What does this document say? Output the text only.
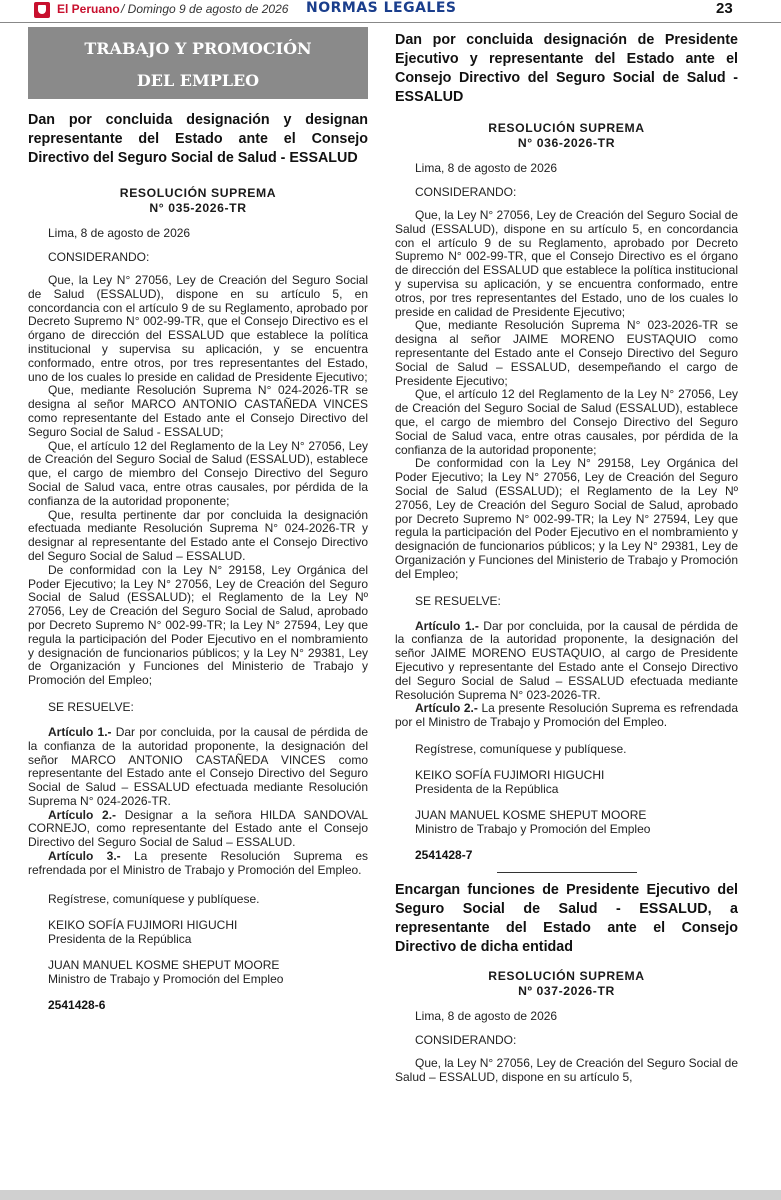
El Peruano / Domingo 9 de agosto de 2026 NORMAS LEGALES	23
TRABAJO Y PROMOCIÓN
DEL EMPLEO

Dan por concluida designación y designan representante del Estado ante el Consejo Directivo del Seguro Social de Salud - ESSALUD

RESOLUCIÓN SUPREMA

N° 035-2026-TR

Lima, 8 de agosto de 2026

CONSIDERANDO:

Que, la Ley N° 27056, Ley de Creación del Seguro Social de Salud (ESSALUD), dispone en su artículo 5, en concordancia con el artículo 9 de su Reglamento, aprobado por Decreto Supremo N° 002-99-TR, que el Consejo Directivo es el órgano de dirección del ESSALUD que establece la política institucional y supervisa su aplicación, y se encuentra conformado, entre otros, por tres representantes del Estado, uno de los cuales lo preside en calidad de Presidente Ejecutivo;

Que, mediante Resolución Suprema N° 024-2026-TR se designa al señor MARCO ANTONIO CASTAÑEDA VINCES como representante del Estado ante el Consejo Directivo del Seguro Social de Salud - ESSALUD;

Que, el artículo 12 del Reglamento de la Ley N° 27056, Ley de Creación del Seguro Social de Salud (ESSALUD), establece que, el cargo de miembro del Consejo Directivo del Seguro Social de Salud vaca, entre otras causales, por pérdida de la confianza de la autoridad proponente;

Que, resulta pertinente dar por concluida la designación efectuada mediante Resolución Suprema N° 024-2026-TR y designar al representante del Estado ante el Consejo Directivo del Seguro Social de Salud – ESSALUD.

De conformidad con la Ley N° 29158, Ley Orgánica del Poder Ejecutivo; la Ley N° 27056, Ley de Creación del Seguro Social de Salud (ESSALUD); el Reglamento de la Ley Nº 27056, Ley de Creación del Seguro Social de Salud, aprobado por Decreto Supremo N° 002-99-TR; la Ley N° 27594, Ley que regula la participación del Poder Ejecutivo en el nombramiento y designación de funcionarios públicos; y la Ley N° 29381, Ley de Organización y Funciones del Ministerio de Trabajo y Promoción del Empleo;

SE RESUELVE:

Artículo 1.- Dar por concluida, por la causal de pérdida de la confianza de la autoridad proponente, la designación del señor MARCO ANTONIO CASTAÑEDA VINCES como representante del Estado ante el Consejo Directivo del Seguro Social de Salud – ESSALUD efectuada mediante Resolución Suprema N° 024-2026-TR.

Artículo 2.- Designar a la señora HILDA SANDOVAL CORNEJO, como representante del Estado ante el Consejo Directivo del Seguro Social de Salud – ESSALUD.

Artículo 3.- La presente Resolución Suprema es refrendada por el Ministro de Trabajo y Promoción del Empleo.

Regístrese, comuníquese y publíquese.

KEIKO SOFÍA FUJIMORI HIGUCHI

Presidenta de la República

JUAN MANUEL KOSME SHEPUT MOORE

Ministro de Trabajo y Promoción del Empleo

2541428-6

Dan por concluida designación de Presidente Ejecutivo y representante del Estado ante el Consejo Directivo del Seguro Social de Salud - ESSALUD

RESOLUCIÓN SUPREMA

N° 036-2026-TR

Lima, 8 de agosto de 2026

CONSIDERANDO:

Que, la Ley N° 27056, Ley de Creación del Seguro Social de Salud (ESSALUD), dispone en su artículo 5, en concordancia con el artículo 9 de su Reglamento, aprobado por Decreto Supremo N° 002-99-TR, que el Consejo Directivo es el órgano de dirección del ESSALUD que establece la política institucional y supervisa su aplicación, y se encuentra conformado, entre otros, por tres representantes del Estado, uno de los cuales lo preside en calidad de Presidente Ejecutivo;

Que, mediante Resolución Suprema N° 023-2026-TR se designa al señor JAIME MORENO EUSTAQUIO como representante del Estado ante el Consejo Directivo del Seguro Social de Salud – ESSALUD, desempeñando el cargo de Presidente Ejecutivo;

Que, el artículo 12 del Reglamento de la Ley N° 27056, Ley de Creación del Seguro Social de Salud (ESSALUD), establece que, el cargo de miembro del Consejo Directivo del Seguro Social de Salud vaca, entre otras causales, por pérdida de la confianza de la autoridad proponente;

De conformidad con la Ley N° 29158, Ley Orgánica del Poder Ejecutivo; la Ley N° 27056, Ley de Creación del Seguro Social de Salud (ESSALUD); el Reglamento de la Ley Nº 27056, Ley de Creación del Seguro Social de Salud, aprobado por Decreto Supremo N° 002-99-TR; la Ley N° 27594, Ley que regula la participación del Poder Ejecutivo en el nombramiento y designación de funcionarios públicos; y la Ley N° 29381, Ley de Organización y Funciones del Ministerio de Trabajo y Promoción del Empleo;

SE RESUELVE:

Artículo 1.- Dar por concluida, por la causal de pérdida de la confianza de la autoridad proponente, la designación del señor JAIME MORENO EUSTAQUIO, al cargo de Presidente Ejecutivo y representante del Estado ante el Consejo Directivo del Seguro Social de Salud – ESSALUD efectuada mediante Resolución Suprema N° 023-2026-TR.

Artículo 2.- La presente Resolución Suprema es refrendada por el Ministro de Trabajo y Promoción del Empleo.

Regístrese, comuníquese y publíquese.

KEIKO SOFÍA FUJIMORI HIGUCHI

Presidenta de la República

JUAN MANUEL KOSME SHEPUT MOORE

Ministro de Trabajo y Promoción del Empleo

2541428-7

Encargan funciones de Presidente Ejecutivo del Seguro Social de Salud - ESSALUD, a representante del Estado ante el Consejo Directivo de dicha entidad

RESOLUCIÓN SUPREMA

Nº 037-2026-TR

Lima, 8 de agosto de 2026

CONSIDERANDO:

Que, la Ley N° 27056, Ley de Creación del Seguro Social de Salud – ESSALUD, dispone en su artículo 5,
